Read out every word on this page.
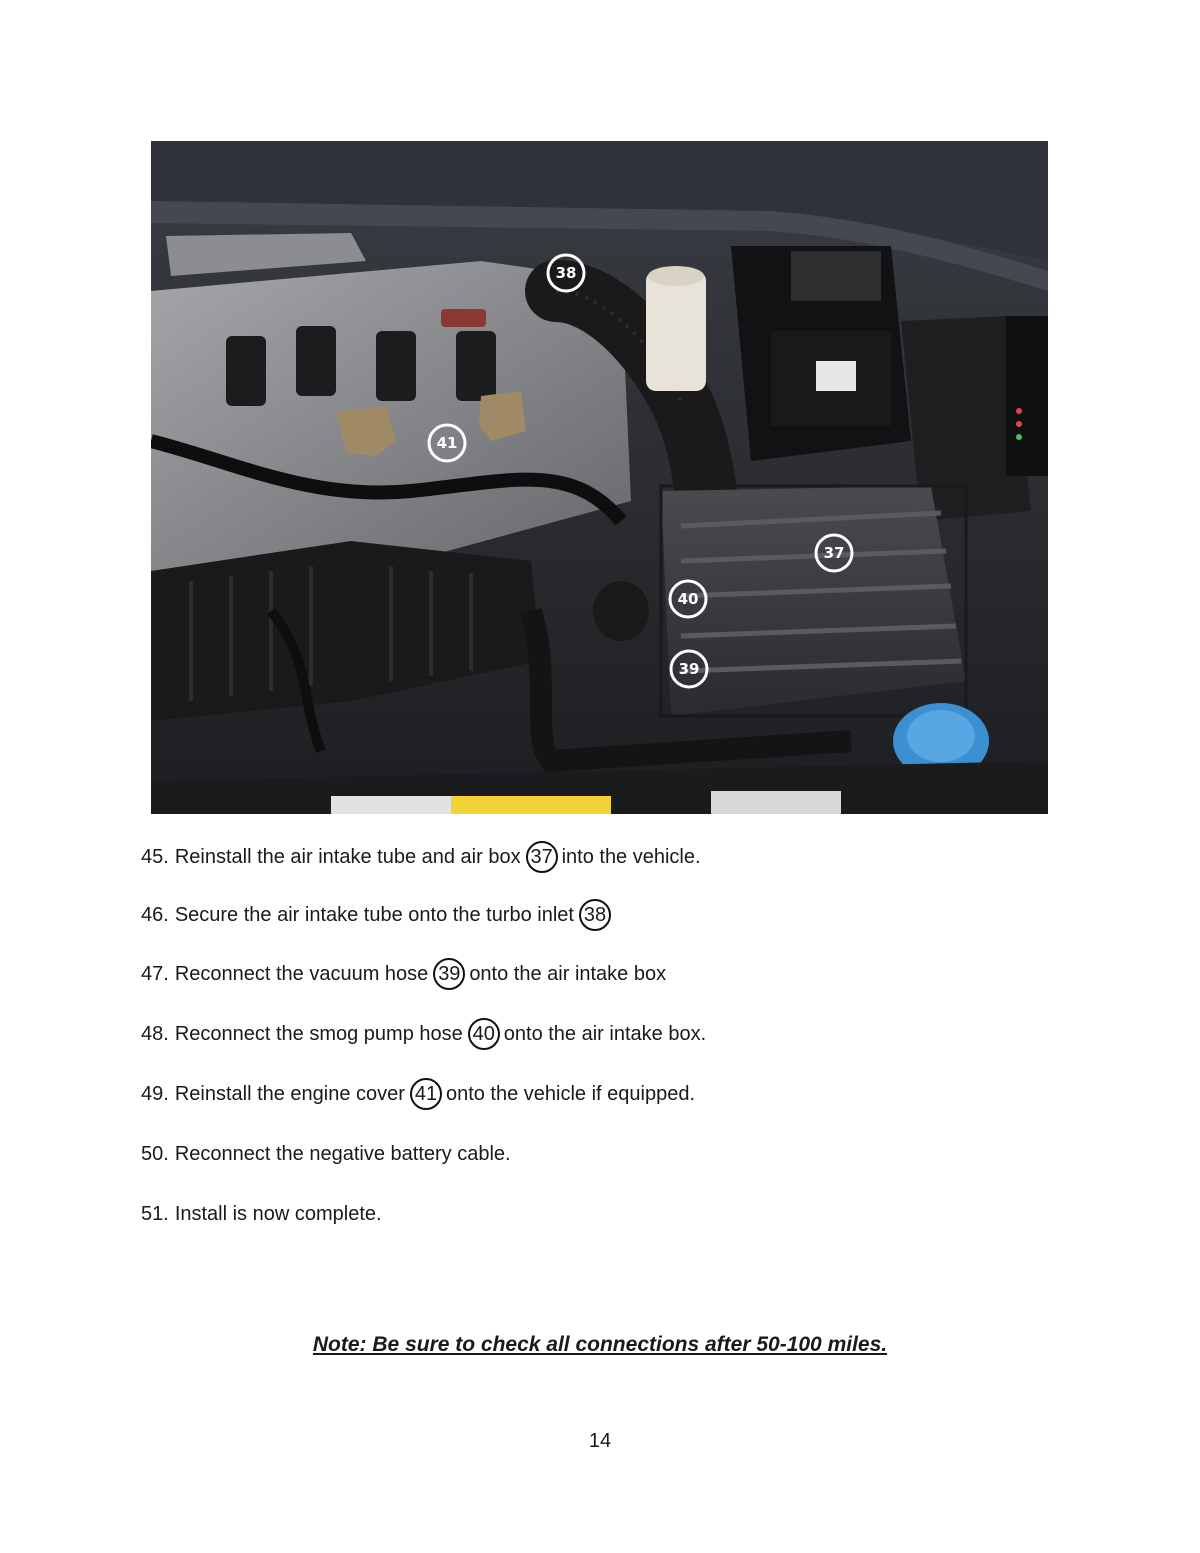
37
38
39
40
41
45. Reinstall the air intake tube and air box 37 into the vehicle.
46. Secure the air intake tube onto the turbo inlet 38
47. Reconnect the vacuum hose 39 onto the air intake box
48. Reconnect the smog pump hose 40 onto the air intake box.
49. Reinstall the engine cover 41 onto the vehicle if equipped.
50. Reconnect the negative battery cable.
51. Install is now complete.
Note: Be sure to check all connections after 50-100 miles.
14
